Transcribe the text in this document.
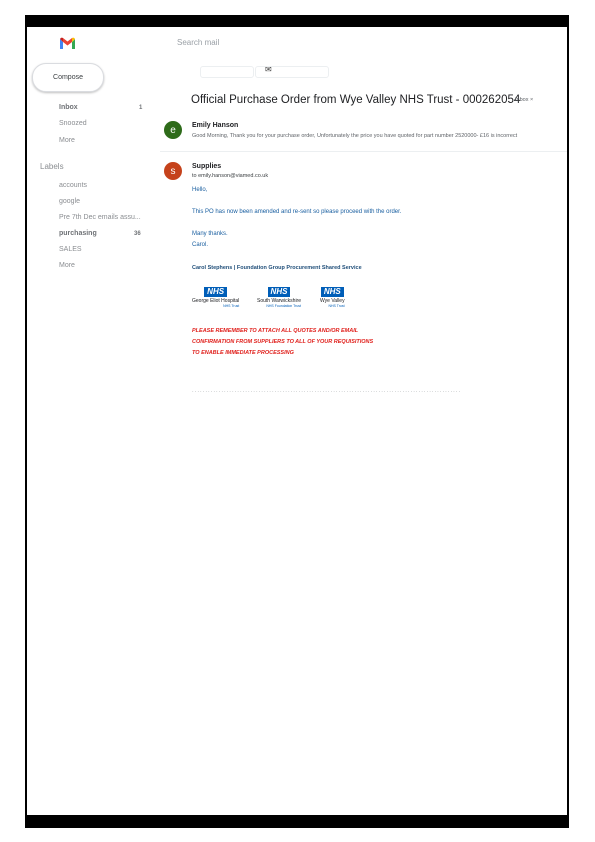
Search mail
Compose
Inbox	1
Snoozed
More
Labels
accounts
google
Pre 7th Dec emails assu...
purchasing	36
SALES
More
✉
Official Purchase Order from Wye Valley NHS Trust - 000262054
Inbox ×
e	Emily Hanson
Good Morning, Thank you for your purchase order, Unfortunately the price you have quoted for part number 2520000- £16 is incorrect
s	Supplies
to emily.hanson@viamed.co.uk
Hello,
This PO has now been amended and re-sent so please proceed with the order.
Many thanks.
Carol.
Carol Stephens | Foundation Group Procurement Shared Service
NHS
George Eliot Hospital
NHS Trust
NHS
South Warwickshire
NHS Foundation Trust
NHS
Wye Valley
NHS Trust
PLEASE REMEMBER TO ATTACH ALL QUOTES AND/OR EMAIL
CONFIRMATION FROM SUPPLIERS TO ALL OF YOUR REQUISITIONS
TO ENABLE IMMEDIATE PROCESSING
·····································································································
